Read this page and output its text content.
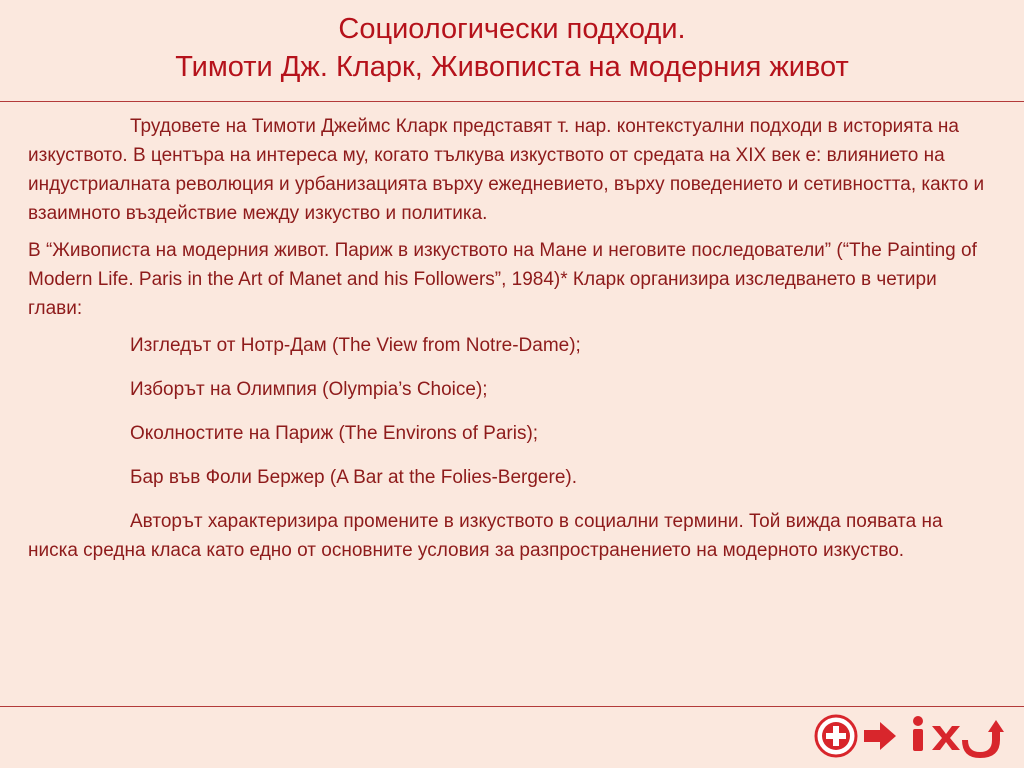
Социологически подходи.
Тимоти Дж. Кларк, Живописта на модерния живот

Трудовете на Тимоти Джеймс Кларк представят т. нар. контекстуални подходи в историята на изкуството. В центъра на интереса му, когато тълкува изкуството от средата на XIX век е: влиянието на индустриалната революция и урбанизацията върху ежедневието, върху поведението и сетивността, както и взаимното въздействие между изкуство и политика.

В “Живописта на модерния живот. Париж в изкуството на Мане и неговите последователи” (“The Painting of Modern Life. Paris in the Art of Manet and his Followers”, 1984)* Кларк организира изследването в четири глави:

Изгледът от Нотр-Дам (The View from Notre-Dame);

Изборът на Олимпия (Olympia’s Choice);

Околностите на Париж (The Environs of Paris);

Бар във Фоли Бержер (A Bar at the Folies-Bergere).

Авторът характеризира промените в изкуството в социални термини. Той вижда появата на ниска средна класа като едно от основните условия за разпространението на модерното изкуство.
